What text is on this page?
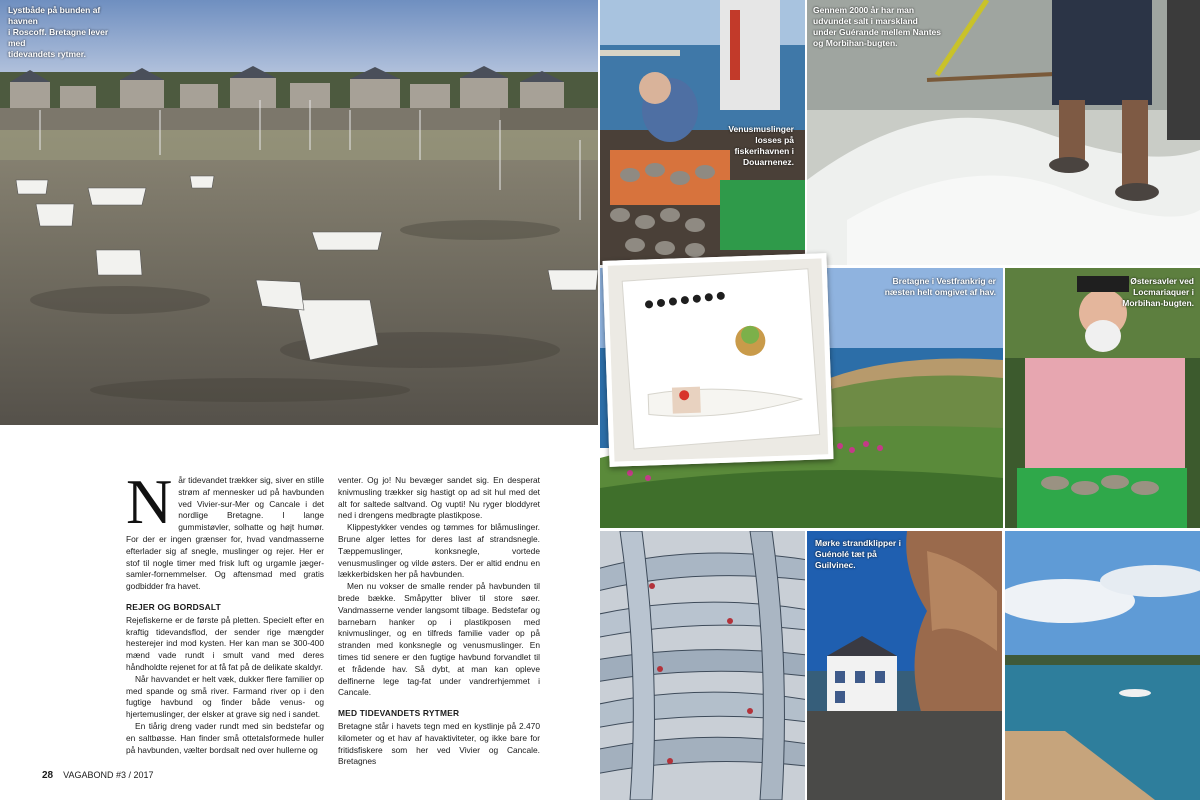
Lystbåde på bunden af havnen
i Roscoff. Bretagne lever med
tidevandets rytmer.
N år tidevandet trækker sig, siver en stille strøm af mennesker ud på havbunden ved Vivier-sur-Mer og Cancale i det nordlige Bretagne. I lange gummistøvler, solhatte og højt humør. For der er ingen grænser for, hvad vandmasserne efterlader sig af snegle, muslinger og rejer. Her er stof til nogle timer med frisk luft og urgamle jæger-samler-fornemmelser. Og aftensmad med gratis godbidder fra havet.

REJER OG BORDSALT

Rejefiskerne er de første på pletten. Specielt efter en kraftig tidevandsflod, der sender rige mængder hesterejer ind mod kysten. Her kan man se 300-400 mænd vade rundt i smult vand med deres håndholdte rejenet for at få fat på de delikate skaldyr.

Når havvandet er helt væk, dukker flere familier op med spande og små river. Farmand river op i den fugtige havbund og finder både venus- og hjertemuslinger, der elsker at grave sig ned i sandet.

En tiårig dreng vader rundt med sin bedstefar og en saltbøsse. Han finder små ottetalsformede huller på havbunden, vælter bordsalt ned over hullerne og

venter. Og jo! Nu bevæger sandet sig. En desperat knivmusling trækker sig hastigt op ad sit hul med det alt for saltede saltvand. Og vupti! Nu ryger bloddyret ned i drengens medbragte plastikpose.

Klippestykker vendes og tømmes for blåmuslinger. Brune alger lettes for deres last af strandsnegle. Tæppemuslinger, konksnegle, vortede venusmuslinger og vilde østers. Der er altid endnu en lækkerbidsken her på havbunden.

Men nu vokser de smalle render på havbunden til brede bække. Småpytter bliver til store søer. Vandmasserne vender langsomt tilbage. Bedstefar og barnebarn hanker op i plastikposen med knivmuslinger, og en tilfreds familie vader op på stranden med konksnegle og venusmuslinger. En times tid senere er den fugtige havbund forvandlet til et frådende hav. Så dybt, at man kan opleve delfinerne lege tag-fat under vandrerhjemmet i Cancale.

MED TIDEVANDETS RYTMER

Bretagne står i havets tegn med en kystlinje på 2.470 kilometer og et hav af havaktiviteter, og ikke bare for fritidsfiskere som her ved Vivier og Cancale. Bretagnes

28 VAGABOND #3 / 2017
Venusmuslinger
losses på
fiskerihavnen i
Douarnenez.
Gennem 2000 år har man
udvundet salt i marskland
under Guérande mellem Nantes
og Morbihan-bugten.
Bretagne i Vestfrankrig er
næsten helt omgivet af hav.
Østersavler ved
Locmariaquer i
Morbihan-bugten.
Mørke strandklipper i
Guénolé tæt på Guilvinec.
